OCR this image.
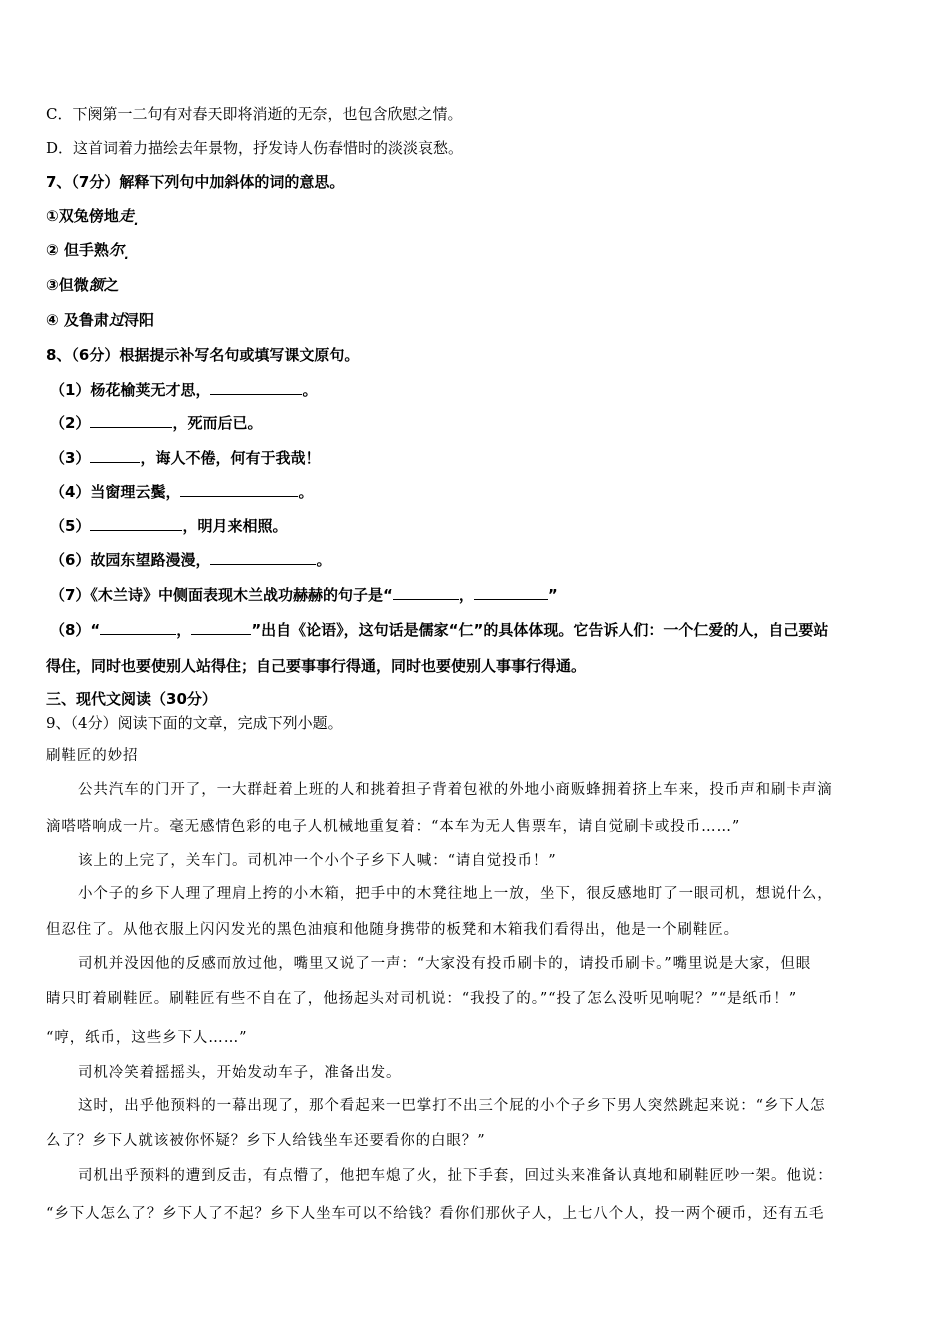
C．下阕第一二句有对春天即将消逝的无奈，也包含欣慰之情。
D．这首词着力描绘去年景物，抒发诗人伤春惜时的淡淡哀愁。
7、（7分）解释下列句中加斜体的词的意思。
①双兔傍地走 .
② 但手熟尔 .
③但微颔之
④ 及鲁肃过浔阳
8、（6分）根据提示补写名句或填写课文原句。
（1）杨花榆荚无才思，	。
（2）	，死而后已。
（3）	，诲人不倦，何有于我哉！
（4）当窗理云鬓，	。
（5）	，明月来相照。
（6）故园东望路漫漫，	。
（7）《木兰诗》中侧面表现木兰战功赫赫的句子是“	，	”
（8）“	，	”出自《论语》，这句话是儒家“仁”的具体体现。它告诉人们：一个仁爱的人，自己要站
得住，同时也要使别人站得住；自己要事事行得通，同时也要使别人事事行得通。
三、现代文阅读（30分）
9、（4分）阅读下面的文章，完成下列小题。
刷鞋匠的妙招
公共汽车的门开了，一大群赶着上班的人和挑着担子背着包袱的外地小商贩蜂拥着挤上车来，投币声和刷卡声滴
滴嗒嗒响成一片。毫无感情色彩的电子人机械地重复着：“本车为无人售票车，请自觉刷卡或投币……”
该上的上完了，关车门。司机冲一个小个子乡下人喊：“请自觉投币！”
小个子的乡下人理了理肩上挎的小木箱，把手中的木凳往地上一放，坐下，很反感地盯了一眼司机，想说什么，
但忍住了。从他衣服上闪闪发光的黑色油痕和他随身携带的板凳和木箱我们看得出，他是一个刷鞋匠。
司机并没因他的反感而放过他，嘴里又说了一声：“大家没有投币刷卡的，请投币刷卡。”嘴里说是大家，但眼
睛只盯着刷鞋匠。刷鞋匠有些不自在了，他扬起头对司机说：“我投了的。”“投了怎么没听见响呢？”“是纸币！”
“哼，纸币，这些乡下人……”
司机冷笑着摇摇头，开始发动车子，准备出发。
这时，出乎他预料的一幕出现了，那个看起来一巴掌打不出三个屁的小个子乡下男人突然跳起来说：“乡下人怎
么了？乡下人就该被你怀疑？乡下人给钱坐车还要看你的白眼？”
司机出乎预料的遭到反击，有点懵了，他把车熄了火，扯下手套，回过头来准备认真地和刷鞋匠吵一架。他说：
“乡下人怎么了？乡下人了不起？乡下人坐车可以不给钱？看你们那伙子人，上七八个人，投一两个硬币，还有五毛
